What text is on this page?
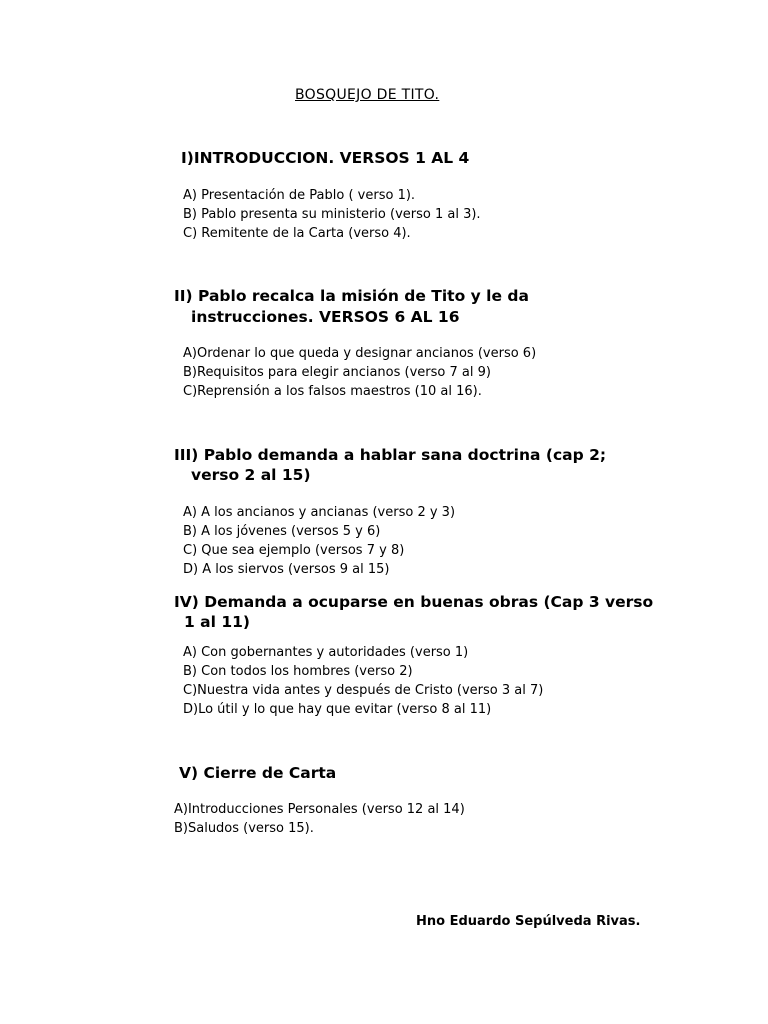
BOSQUEJO DE TITO.
I)INTRODUCCION. VERSOS 1 AL 4
A) Presentación de Pablo ( verso 1).
B) Pablo presenta su ministerio (verso 1 al 3).
C) Remitente de la Carta (verso 4).
II) Pablo recalca la misión de Tito y le da
instrucciones. VERSOS 6 AL 16
A)Ordenar lo que queda y designar ancianos (verso 6)
B)Requisitos para elegir ancianos (verso 7 al 9)
C)Reprensión a los falsos maestros (10 al 16).
III) Pablo demanda a hablar sana doctrina (cap 2;
verso 2 al 15)
A) A los ancianos y ancianas (verso 2 y 3)
B) A los jóvenes (versos 5 y 6)
C) Que sea ejemplo (versos 7 y 8)
D) A los siervos (versos 9 al 15)
IV) Demanda a ocuparse en buenas obras (Cap 3 verso
1 al 11)
A) Con gobernantes y autoridades (verso 1)
B) Con todos los hombres (verso 2)
C)Nuestra vida antes y después de Cristo (verso 3 al 7)
D)Lo útil y lo que hay que evitar (verso 8 al 11)
V) Cierre de Carta
A)Introducciones Personales (verso 12 al 14)
B)Saludos (verso 15).
Hno Eduardo Sepúlveda Rivas.
